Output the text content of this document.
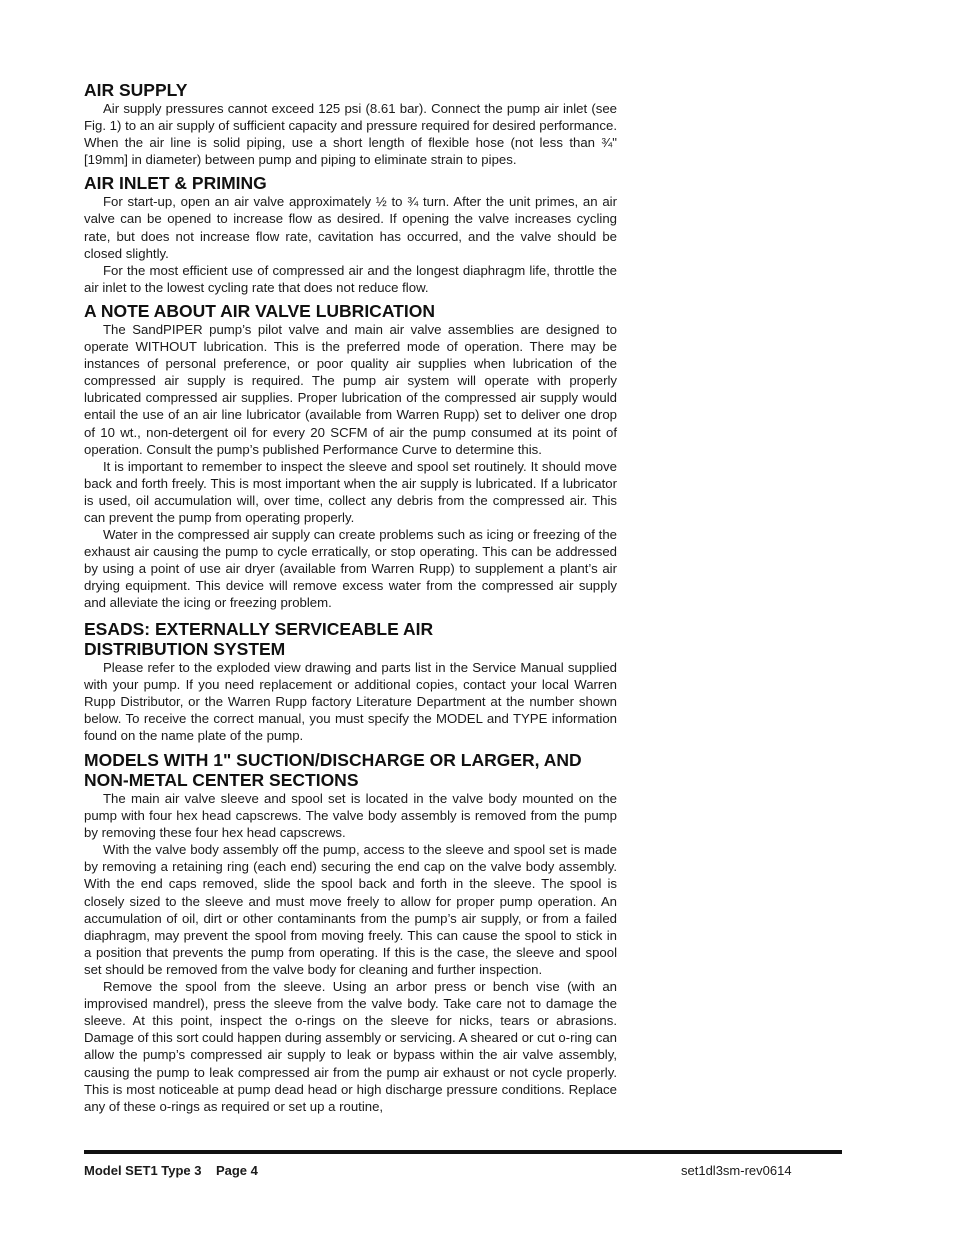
AIR SUPPLY

Air supply pressures cannot exceed 125 psi (8.61 bar). Connect the pump air inlet (see Fig. 1) to an air supply of sufficient capacity and pressure required for desired performance. When the air line is solid piping, use a short length of flexible hose (not less than ¾" [19mm] in diameter) between pump and piping to eliminate strain to pipes.

AIR INLET & PRIMING

For start-up, open an air valve approximately ½ to ¾ turn. After the unit primes, an air valve can be opened to increase flow as desired. If opening the valve increases cycling rate, but does not increase flow rate, cavitation has occurred, and the valve should be closed slightly.

For the most efficient use of compressed air and the longest diaphragm life, throttle the air inlet to the lowest cycling rate that does not reduce flow.

A NOTE ABOUT AIR VALVE LUBRICATION

The SandPIPER pump’s pilot valve and main air valve assemblies are designed to operate WITHOUT lubrication. This is the preferred mode of operation. There may be instances of personal preference, or poor quality air supplies when lubrication of the compressed air supply is required. The pump air system will operate with properly lubricated compressed air supplies. Proper lubrication of the compressed air supply would entail the use of an air line lubricator (available from Warren Rupp) set to deliver one drop of 10 wt., non-detergent oil for every 20 SCFM of air the pump consumed at its point of operation. Consult the pump’s published Performance Curve to determine this.

It is important to remember to inspect the sleeve and spool set routinely. It should move back and forth freely. This is most important when the air supply is lubricated. If a lubricator is used, oil accumulation will, over time, collect any debris from the compressed air. This can prevent the pump from operating properly.

Water in the compressed air supply can create problems such as icing or freezing of the exhaust air causing the pump to cycle erratically, or stop operating. This can be addressed by using a point of use air dryer (available from Warren Rupp) to supplement a plant’s air drying equipment. This device will remove excess water from the compressed air supply and alleviate the icing or freezing problem.

ESADS: EXTERNALLY SERVICEABLE AIR
DISTRIBUTION SYSTEM

Please refer to the exploded view drawing and parts list in the Service Manual supplied with your pump. If you need replacement or additional copies, contact your local Warren Rupp Distributor, or the Warren Rupp factory Literature Department at the number shown below. To receive the correct manual, you must specify the MODEL and TYPE information found on the name plate of the pump.

MODELS WITH 1" SUCTION/DISCHARGE OR LARGER, AND
NON-METAL CENTER SECTIONS

The main air valve sleeve and spool set is located in the valve body mounted on the pump with four hex head capscrews. The valve body assembly is removed from the pump by removing these four hex head capscrews.

With the valve body assembly off the pump, access to the sleeve and spool set is made by removing a retaining ring (each end) securing the end cap on the valve body assembly. With the end caps removed, slide the spool back and forth in the sleeve. The spool is closely sized to the sleeve and must move freely to allow for proper pump operation. An accumulation of oil, dirt or other contaminants from the pump’s air supply, or from a failed diaphragm, may prevent the spool from moving freely. This can cause the spool to stick in a position that prevents the pump from operating. If this is the case, the sleeve and spool set should be removed from the valve body for cleaning and further inspection.

Remove the spool from the sleeve. Using an arbor press or bench vise (with an improvised mandrel), press the sleeve from the valve body. Take care not to damage the sleeve. At this point, inspect the o-rings on the sleeve for nicks, tears or abrasions. Damage of this sort could happen during assembly or servicing. A sheared or cut o-ring can allow the pump’s compressed air supply to leak or bypass within the air valve assembly, causing the pump to leak compressed air from the pump air exhaust or not cycle properly. This is most noticeable at pump dead head or high discharge pressure conditions. Replace any of these o-rings as required or set up a routine,

Model SET1 Type 3    Page 4	set1dl3sm-rev0614
